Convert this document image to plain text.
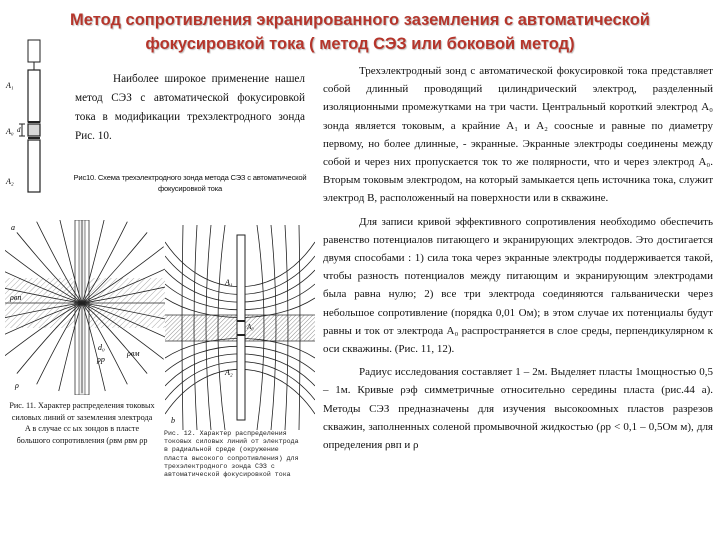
Метод сопротивления экранированного заземления с автоматической фокусировкой тока ( метод СЭЗ или боковой метод)
A₁
A₀
A₂
d
Наиболее широкое применение нашел метод СЭЗ с автоматической фокусировкой тока в модификации трехэлектродного зонда Рис. 10.
Рис10. Схема трехэлектродного зонда метода СЭЗ с автоматической фокусировкой тока
а
ρвп
ρвм
d₀
ρр
ρ
Рис. 11. Характер распределения токовых силовых линий от заземления электрода A в случае сс ых зондов в пласте большого сопротивления (ρвм ρвм ρр
A₁
A₀
A₂
b
Рис. 12. Характер распределения токовых силовых линий от электрода в радиальной среде (окружение пласта высокого сопротивления) для трехэлектродного зонда СЭЗ с автоматической фокусировкой тока

Трехэлектродный зонд с автоматической фокусировкой тока представляет собой длинный проводящий цилиндрический электрод, разделенный изоляционными промежутками на три части. Центральный короткий электрод A₀ зонда является токовым, а крайние A₁ и A₂ соосные и равные по диаметру первому, но более длинные, - экранные. Экранные электроды соединены между собой и через них пропускается ток то же полярности, что и через электрод A₀. Вторым токовым электродом, на который замыкается цепь источника тока, служит электрод B, расположенный на поверхности или в скважине.

Для записи кривой эффективного сопротивления необходимо обеспечить равенство потенциалов питающего и экранирующих электродов. Это достигается двумя способами : 1) сила тока через экранные электроды поддерживается такой, чтобы разность потенциалов между питающим и экранирующим электродами была равна нулю; 2) все три электрода соединяются гальванически через небольшое сопротивление (порядка 0,01 Ом); в этом случае их потенциалы будут равны и ток от электрода A₀ распространяется в слое среды, перпендикулярном к оси скважины. (Рис. 11, 12).

Радиус исследования составляет 1 – 2м. Выделяет пласты 1мощностью 0,5 – 1м. Кривые ρэф симметричные относительно середины пласта (рис.44 а). Методы СЭЗ предназначены для изучения высокоомных пластов разрезов скважин, заполненных соленой промывочной жидкостью (ρр < 0,1 – 0,5Ом м), для определения ρвп и ρ
